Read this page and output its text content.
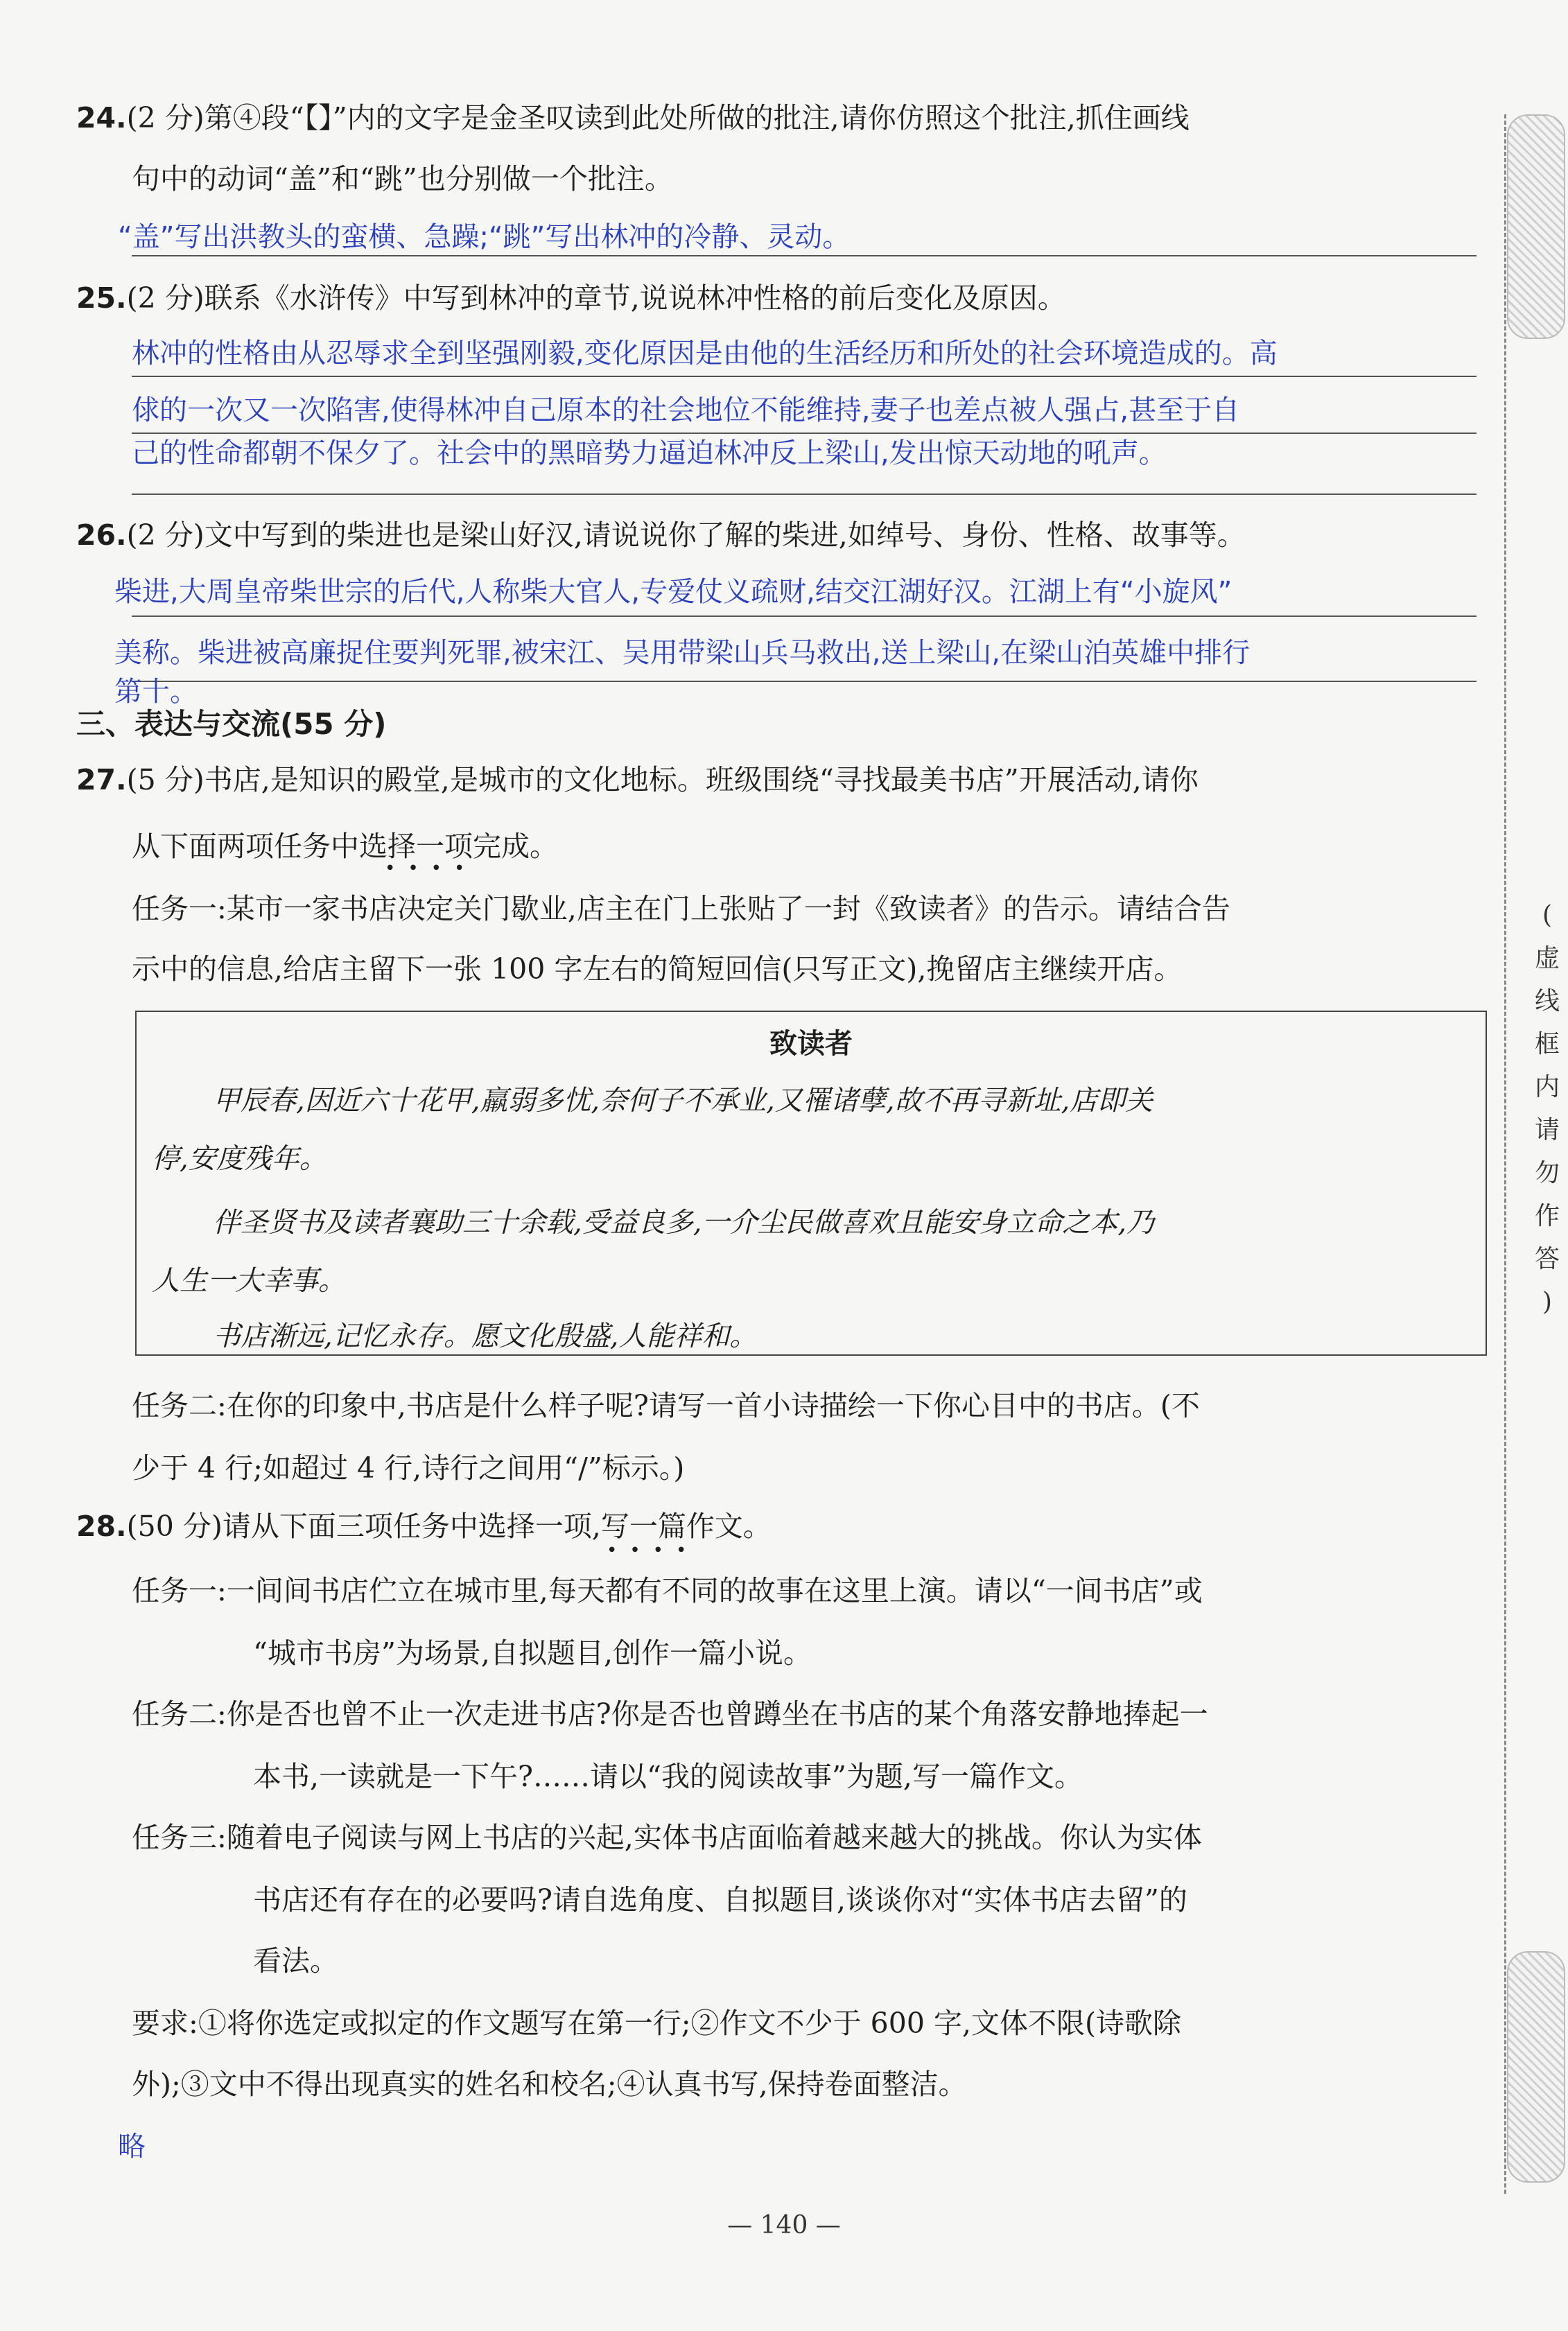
24.(2 分)第④段“【】”内的文字是金圣叹读到此处所做的批注,请你仿照这个批注,抓住画线
句中的动词“盖”和“跳”也分别做一个批注。
“盖”写出洪教头的蛮横、急躁;“跳”写出林冲的冷静、灵动。
25.(2 分)联系《水浒传》中写到林冲的章节,说说林冲性格的前后变化及原因。
林冲的性格由从忍辱求全到坚强刚毅,变化原因是由他的生活经历和所处的社会环境造成的。高
俅的一次又一次陷害,使得林冲自己原本的社会地位不能维持,妻子也差点被人强占,甚至于自
己的性命都朝不保夕了。社会中的黑暗势力逼迫林冲反上梁山,发出惊天动地的吼声。
26.(2 分)文中写到的柴进也是梁山好汉,请说说你了解的柴进,如绰号、身份、性格、故事等。
柴进,大周皇帝柴世宗的后代,人称柴大官人,专爱仗义疏财,结交江湖好汉。江湖上有“小旋风”
美称。柴进被高廉捉住要判死罪,被宋江、吴用带梁山兵马救出,送上梁山,在梁山泊英雄中排行
第十。
三、表达与交流(55 分)
27.(5 分)书店,是知识的殿堂,是城市的文化地标。班级围绕“寻找最美书店”开展活动,请你
从下面两项任务中选择一项完成。
••••
任务一:某市一家书店决定关门歇业,店主在门上张贴了一封《致读者》的告示。请结合告
示中的信息,给店主留下一张 100 字左右的简短回信(只写正文),挽留店主继续开店。
致读者
甲辰春,因近六十花甲,羸弱多忧,奈何子不承业,又罹诸孽,故不再寻新址,店即关
停,安度残年。
伴圣贤书及读者襄助三十余载,受益良多,一介尘民做喜欢且能安身立命之本,乃
人生一大幸事。
书店渐远,记忆永存。愿文化殷盛,人能祥和。
任务二:在你的印象中,书店是什么样子呢?请写一首小诗描绘一下你心目中的书店。(不
少于 4 行;如超过 4 行,诗行之间用“/”标示。)
28.(50 分)请从下面三项任务中选择一项,写一篇作文。
••••
任务一:一间间书店伫立在城市里,每天都有不同的故事在这里上演。请以“一间书店”或
“城市书房”为场景,自拟题目,创作一篇小说。
任务二:你是否也曾不止一次走进书店?你是否也曾蹲坐在书店的某个角落安静地捧起一
本书,一读就是一下午?……请以“我的阅读故事”为题,写一篇作文。
任务三:随着电子阅读与网上书店的兴起,实体书店面临着越来越大的挑战。你认为实体
书店还有存在的必要吗?请自选角度、自拟题目,谈谈你对“实体书店去留”的
看法。
要求:①将你选定或拟定的作文题写在第一行;②作文不少于 600 字,文体不限(诗歌除
外);③文中不得出现真实的姓名和校名;④认真书写,保持卷面整洁。
略
(
虚
线
框
内
请
勿
作
答
)
— 140 —
